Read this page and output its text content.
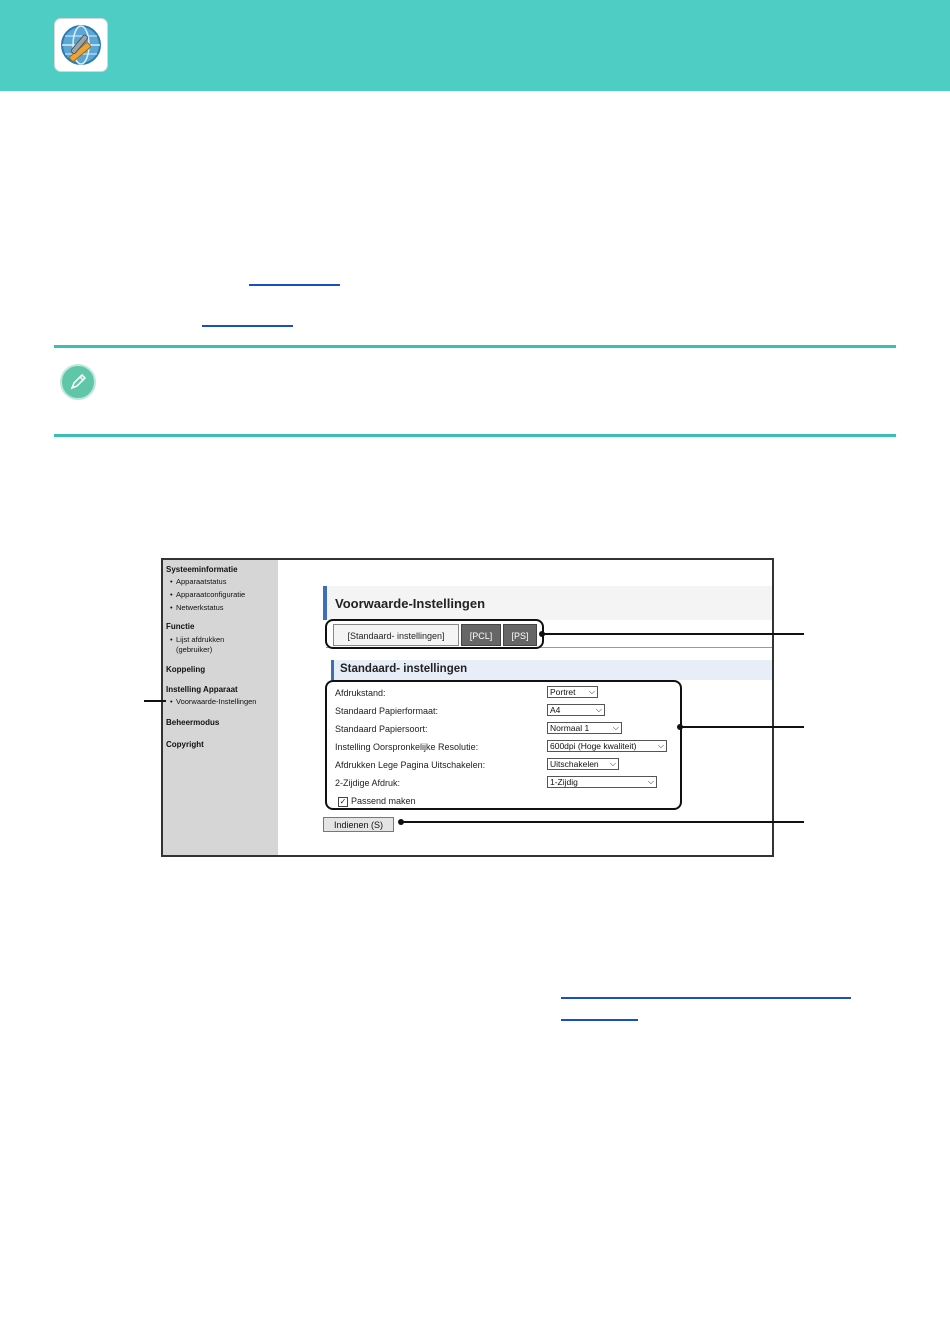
Systeeminformatie
• Apparaatstatus
• Apparaatconfiguratie
• Netwerkstatus
Functie
• Lijst afdrukken
(gebruiker)
Koppeling
Instelling Apparaat
• Voorwaarde-Instellingen
Beheermodus
Copyright
Voorwaarde-Instellingen
[Standaard- instellingen]	[PCL]	[PS]
Standaard- instellingen
Afdrukstand:	Portret ⌵
Standaard Papierformaat:	A4	⌵
Standaard Papiersoort:	Normaal 1	⌵
Instelling Oorspronkelijke Resolutie:	600dpi (Hoge kwaliteit)	⌵
Afdrukken Lege Pagina Uitschakelen:	Uitschakelen ⌵
2-Zijdige Afdruk:	1-Zijdig	⌵
✓ Passend maken
Indienen (S)
